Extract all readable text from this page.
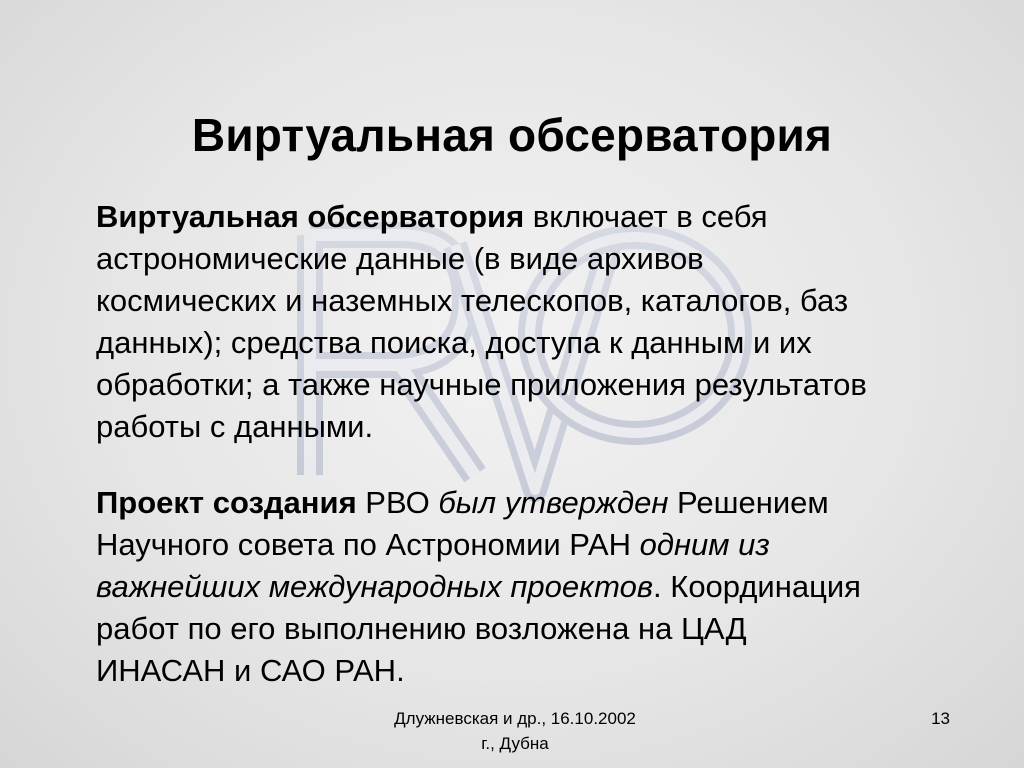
Виртуальная обсерватория

Виртуальная обсерватория включает в себя
астрономические данные (в виде архивов
космических и наземных телескопов, каталогов, баз
данных); средства поиска, доступа к данным и их
обработки; а также научные приложения результатов
работы с данными.

Проект создания РВО был утвержден Решением
Научного совета по Астрономии РАН одним из
важнейших международных проектов. Координация
работ по его выполнению возложена на ЦАД
ИНАСАН и САО РАН.

Длужневская и др., 16.10.2002
г., Дубна
13
